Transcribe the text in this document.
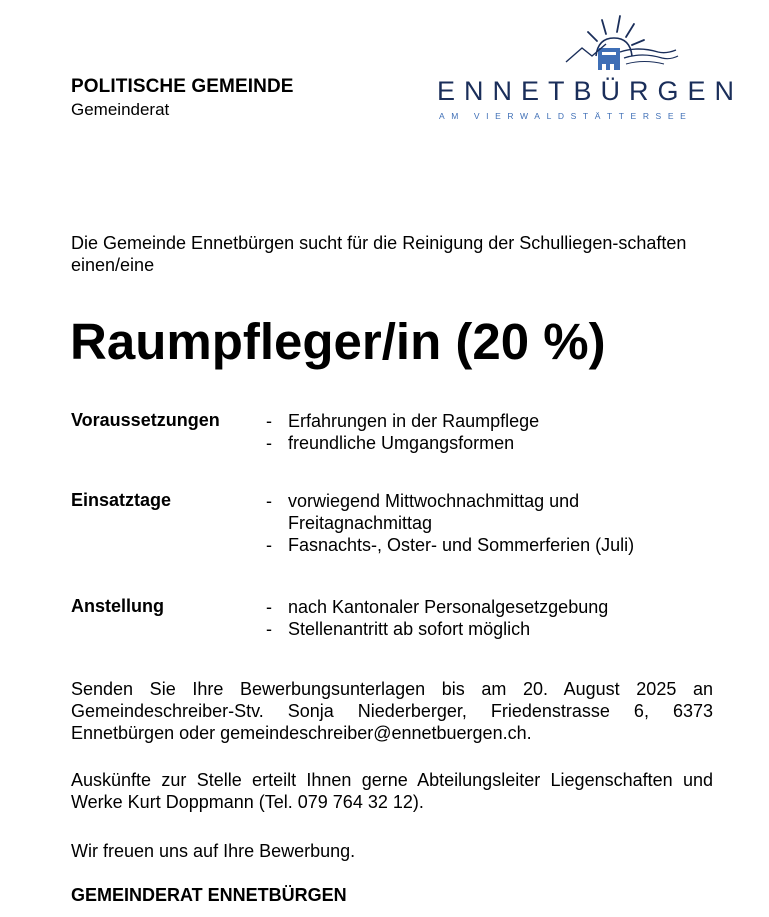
POLITISCHE GEMEINDE
Gemeinderat
ENNETBÜRGEN
AM VIERWALDSTÄTTERSEE
Die Gemeinde Ennetbürgen sucht für die Reinigung der Schulliegen-schaften einen/eine
Raumpfleger/in (20 %)
Voraussetzungen	- Erfahrungen in der Raumpflege
- freundliche Umgangsformen
Einsatztage	- vorwiegend Mittwochnachmittag und Freitagnachmittag
- Fasnachts-, Oster- und Sommerferien (Juli)
Anstellung	- nach Kantonaler Personalgesetzgebung
- Stellenantritt ab sofort möglich
Senden Sie Ihre Bewerbungsunterlagen bis am 20. August 2025 an Gemeindeschreiber-Stv. Sonja Niederberger, Friedenstrasse 6, 6373 Ennetbürgen oder gemeindeschreiber@ennetbuergen.ch.
Auskünfte zur Stelle erteilt Ihnen gerne Abteilungsleiter Liegenschaften und Werke Kurt Doppmann (Tel. 079 764 32 12).
Wir freuen uns auf Ihre Bewerbung.
GEMEINDERAT ENNETBÜRGEN
